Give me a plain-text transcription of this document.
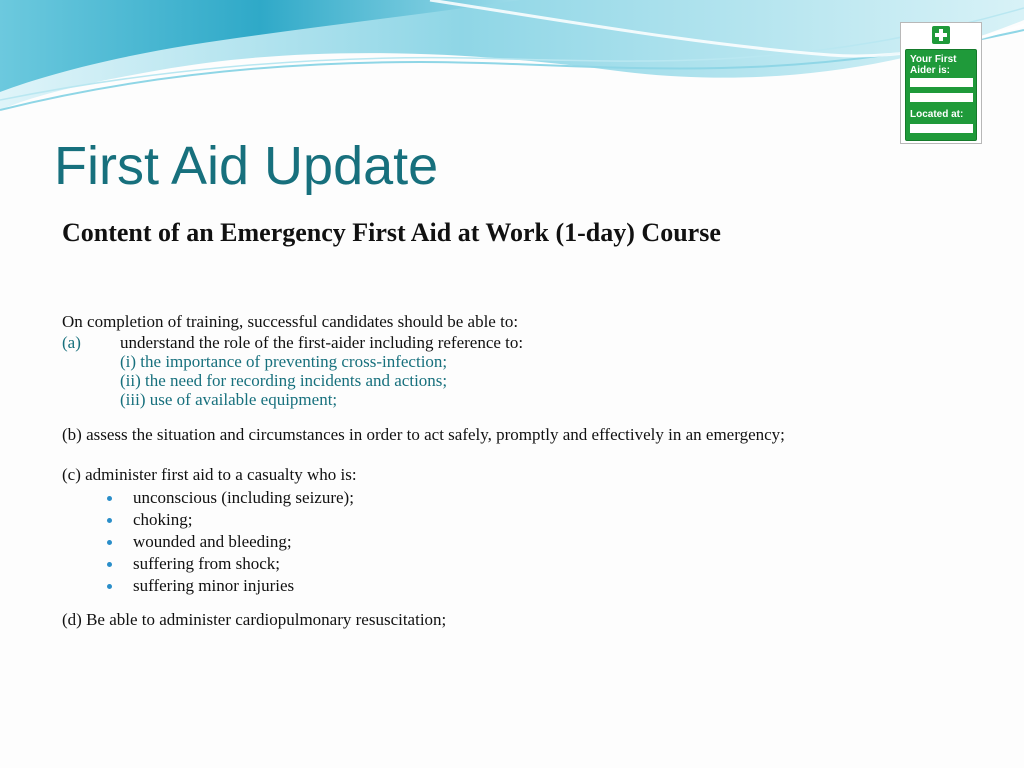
Your First
Aider is:
Located at:
First Aid Update
Content of an Emergency First Aid at Work (1-day) Course

On completion of training, successful candidates should be able to:

(a) understand the role of the first-aider including reference to:
(i) the importance of preventing cross-infection;
(ii) the need for recording incidents and actions;
(iii) use of available equipment;

(b) assess the situation and circumstances in order to act safely, promptly and effectively in an emergency;

(c) administer first aid to a casualty who is:

unconscious (including seizure);
choking;
wounded and bleeding;
suffering from shock;
suffering minor injuries

(d) Be able to administer cardiopulmonary resuscitation;
